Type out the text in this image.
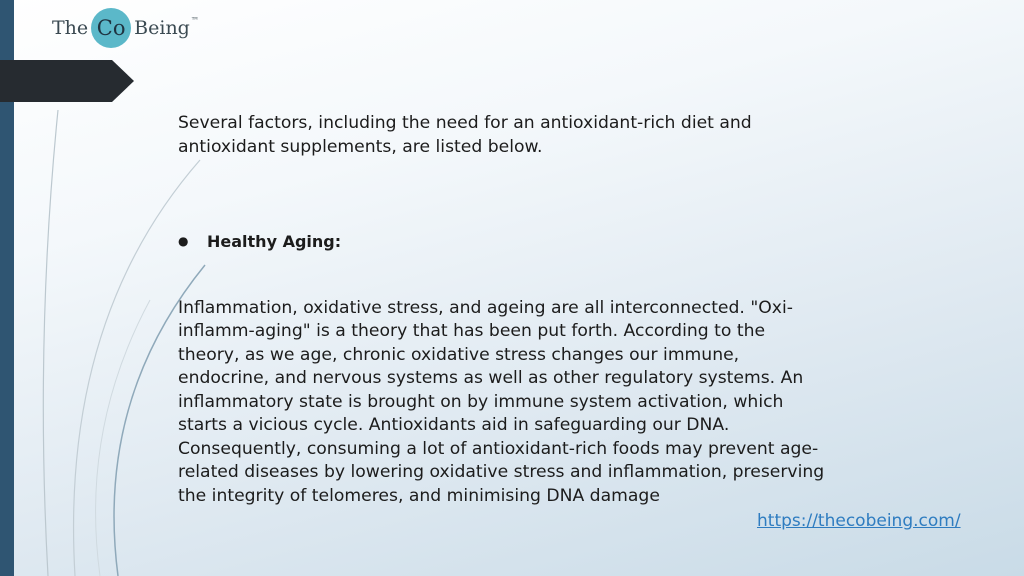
The Co Being ™

Several factors, including the need for an antioxidant-rich diet and antioxidant supplements, are listed below.

●	Healthy Aging:

Inflammation, oxidative stress, and ageing are all interconnected. "Oxi-inflamm-aging" is a theory that has been put forth. According to the theory, as we age, chronic oxidative stress changes our immune, endocrine, and nervous systems as well as other regulatory systems. An inflammatory state is brought on by immune system activation, which starts a vicious cycle. Antioxidants aid in safeguarding our DNA. Consequently, consuming a lot of antioxidant-rich foods may prevent age-related diseases by lowering oxidative stress and inflammation, preserving the integrity of telomeres, and minimising DNA damage

https://thecobeing.com/
